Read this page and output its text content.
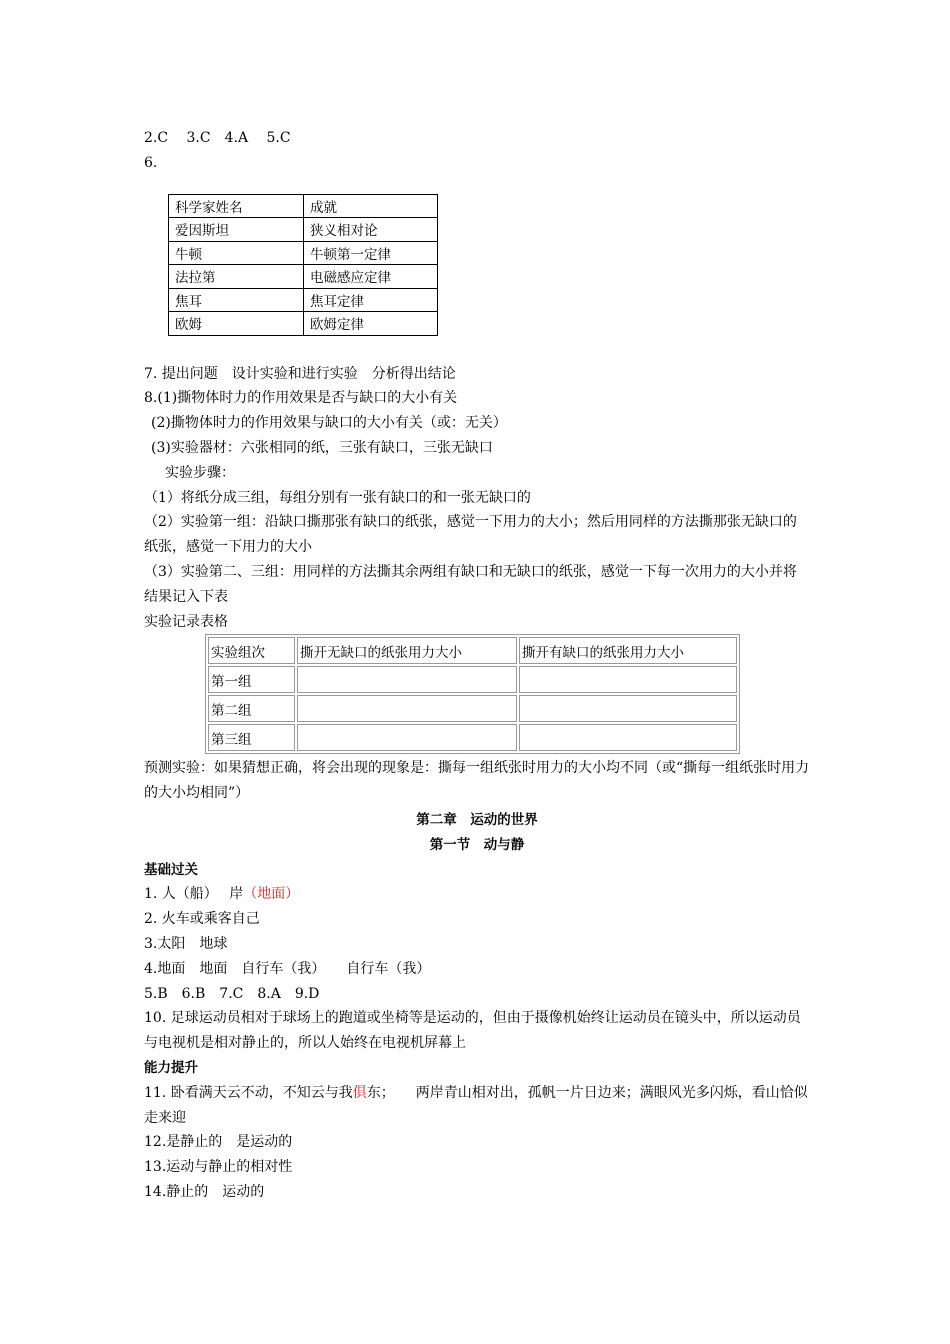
2.C　 3.C　4.A　 5.C
6.
科学家姓名	成就
爱因斯坦	狭义相对论
牛顿	牛顿第一定律
法拉第	电磁感应定律
焦耳	焦耳定律
欧姆	欧姆定律
7. 提出问题　设计实验和进行实验　分析得出结论
8.(1)撕物体时力的作用效果是否与缺口的大小有关
(2)撕物体时力的作用效果与缺口的大小有关（或：无关）
(3)实验器材：六张相同的纸，三张有缺口，三张无缺口
实验步骤：
（1）将纸分成三组，每组分别有一张有缺口的和一张无缺口的
（2）实验第一组：沿缺口撕那张有缺口的纸张，感觉一下用力的大小；然后用同样的方法撕那张无缺口的纸张，感觉一下用力的大小
（3）实验第二、三组：用同样的方法撕其余两组有缺口和无缺口的纸张，感觉一下每一次用力的大小并将结果记入下表
实验记录表格
实验组次	撕开无缺口的纸张用力大小	撕开有缺口的纸张用力大小
第一组		
第二组		
第三组		
预测实验：如果猜想正确，将会出现的现象是：撕每一组纸张时用力的大小均不同（或“撕每一组纸张时用力的大小均相同”）
第二章　运动的世界
第一节　动与静
基础过关
1. 人（船）　 岸（地面）
2. 火车或乘客自己
3.太阳　地球
4.地面　地面　自行车（我）　　自行车（我）
5.B　6.B　7.C　8.A　9.D
10. 足球运动员相对于球场上的跑道或坐椅等是运动的，但由于摄像机始终让运动员在镜头中，所以运动员与电视机是相对静止的，所以人始终在电视机屏幕上
能力提升
11. 卧看满天云不动，不知云与我俱东；　　两岸青山相对出，孤帆一片日边来；满眼风光多闪烁，看山恰似走来迎
12.是静止的　是运动的
13.运动与静止的相对性
14.静止的　运动的
